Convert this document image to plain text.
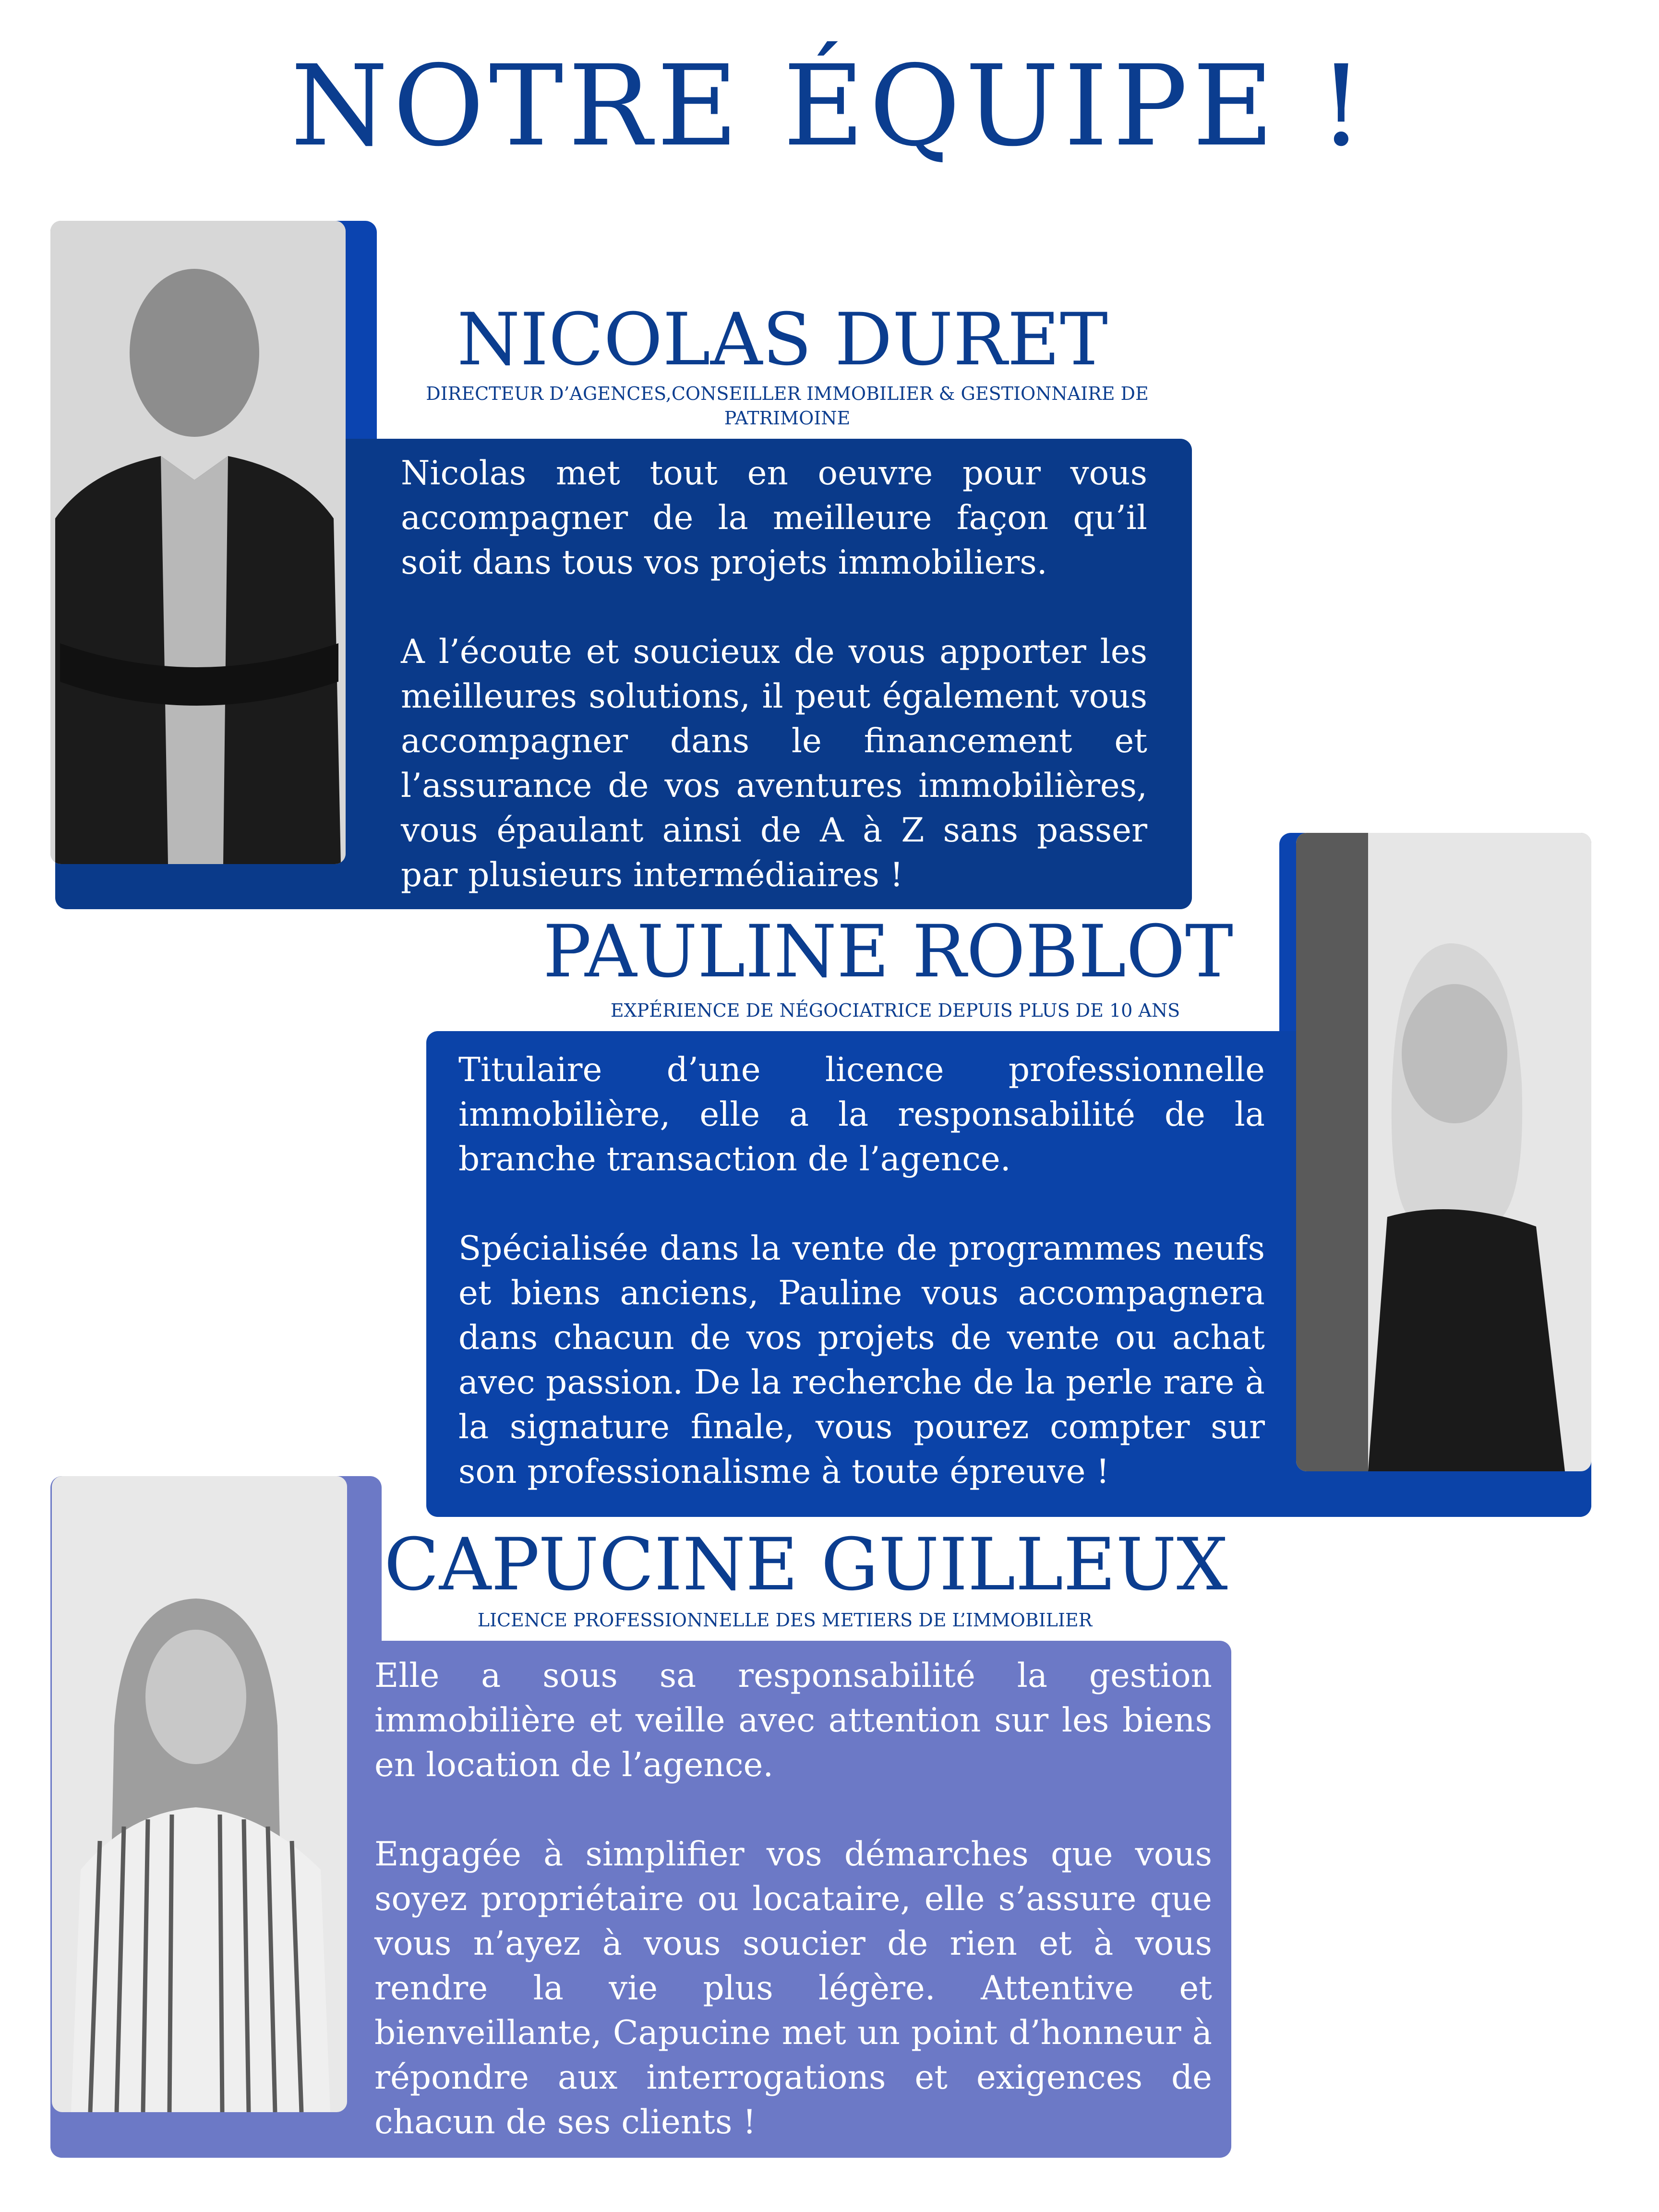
NOTRE ÉQUIPE !
NICOLAS DURET
DIRECTEUR D’AGENCES,CONSEILLER IMMOBILIER & GESTIONNAIRE DE PATRIMOINE

Nicolas met tout en oeuvre pour vous accompagner de la meilleure façon qu’il soit dans tous vos projets immobiliers.

A l’écoute et soucieux de vous apporter les meilleures solutions, il peut également vous accompagner dans le financement et l’assurance de vos aventures immobilières, vous épaulant ainsi de A à Z sans passer par plusieurs intermédiaires !

PAULINE ROBLOT
EXPÉRIENCE DE NÉGOCIATRICE DEPUIS PLUS DE 10 ANS

Titulaire d’une licence professionnelle immobilière, elle a la responsabilité de la branche transaction de l’agence.

Spécialisée dans la vente de programmes neufs et biens anciens, Pauline vous accompagnera dans chacun de vos projets de vente ou achat avec passion. De la recherche de la perle rare à la signature finale, vous pourez compter sur son professionalisme à toute épreuve !

CAPUCINE GUILLEUX
LICENCE PROFESSIONNELLE DES METIERS DE L’IMMOBILIER

Elle a sous sa responsabilité la gestion immobilière et veille avec attention sur les biens en location de l’agence.

Engagée à simplifier vos démarches que vous soyez propriétaire ou locataire, elle s’assure que vous n’ayez à vous soucier de rien et à vous rendre la vie plus légère. Attentive et bienveillante, Capucine met un point d’honneur à répondre aux interrogations et exigences de chacun de ses clients !
